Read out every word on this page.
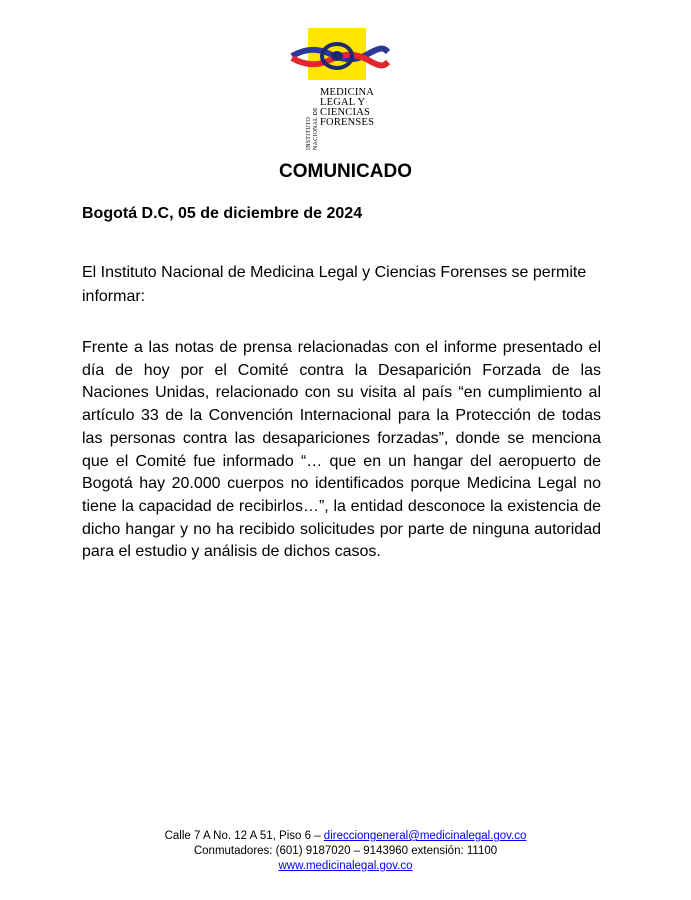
INSTITUTO NACIONAL DE
MEDICINA
LEGAL Y
CIENCIAS
FORENSES
COMUNICADO
Bogotá D.C, 05 de diciembre de 2024
El Instituto Nacional de Medicina Legal y Ciencias Forenses se permite informar:
Frente a las notas de prensa relacionadas con el informe presentado el día de hoy por el Comité contra la Desaparición Forzada de las Naciones Unidas, relacionado con su visita al país “en cumplimiento al artículo 33 de la Convención Internacional para la Protección de todas las personas contra las desapariciones forzadas”, donde se menciona que el Comité fue informado “… que en un hangar del aeropuerto de Bogotá hay 20.000 cuerpos no identificados porque Medicina Legal no tiene la capacidad de recibirlos…”, la entidad desconoce la existencia de dicho hangar y no ha recibido solicitudes por parte de ninguna autoridad para el estudio y análisis de dichos casos.
Calle 7 A No. 12 A 51, Piso 6 – direcciongeneral@medicinalegal.gov.co
Conmutadores: (601) 9187020 – 9143960 extensión: 11100
www.medicinalegal.gov.co
